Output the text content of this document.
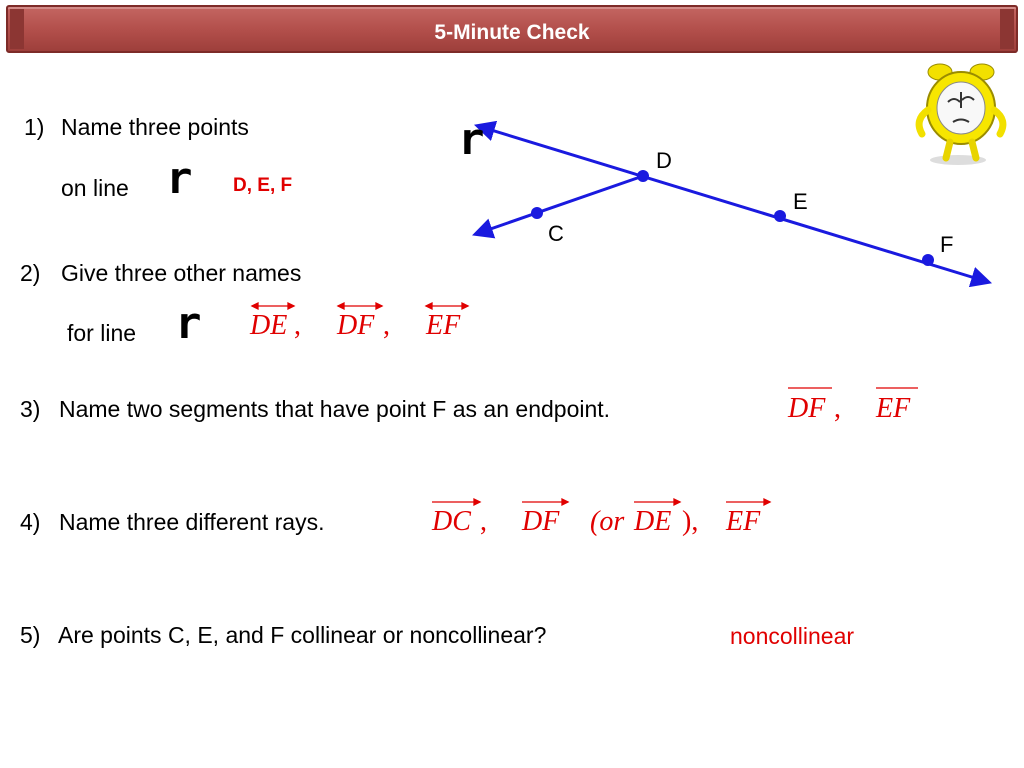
5-Minute Check
r	D
E
C	F
1) Name three points
on line r D, E, F
2) Give three other names
for line r DE , DF , EF
3) Name two segments that have point F as an endpoint.	DF , EF
4) Name three different rays.	DC , DF (or DE ), EF
5) Are points C, E, and F collinear or noncollinear?	noncollinear
